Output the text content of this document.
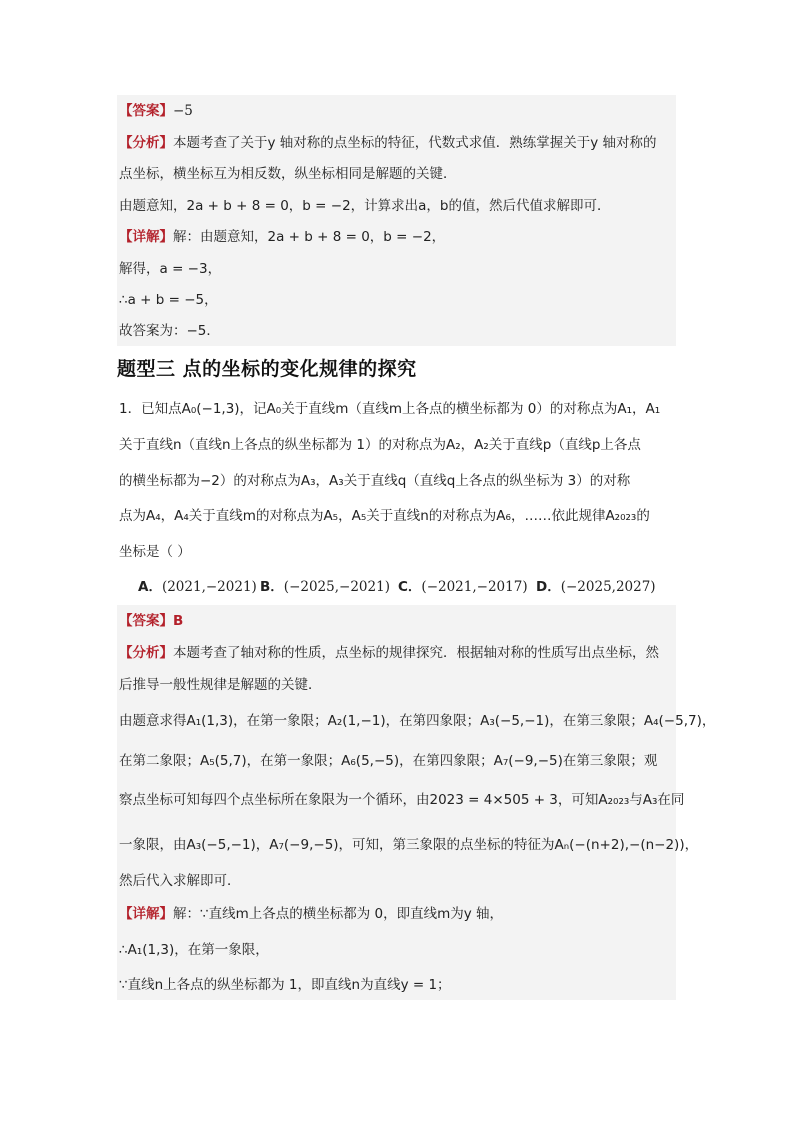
【答案】−5
【分析】本题考查了关于y 轴对称的点坐标的特征，代数式求值．熟练掌握关于y 轴对称的
点坐标，横坐标互为相反数，纵坐标相同是解题的关键．
由题意知，2a + b + 8 = 0，b = −2，计算求出a，b的值，然后代值求解即可．
【详解】解：由题意知，2a + b + 8 = 0，b = −2，
解得，a = −3，
∴a + b = −5，
故答案为：−5．
题型三 点的坐标的变化规律的探究
1．已知点A₀(−1,3)，记A₀关于直线m（直线m上各点的横坐标都为 0）的对称点为A₁，A₁
关于直线n（直线n上各点的纵坐标都为 1）的对称点为A₂，A₂关于直线p（直线p上各点
的横坐标都为−2）的对称点为A₃，A₃关于直线q（直线q上各点的纵坐标为 3）的对称
点为A₄，A₄关于直线m的对称点为A₅，A₅关于直线n的对称点为A₆，……依此规律A₂₀₂₃的
坐标是（ ）
A．(2021,−2021) B．(−2025,−2021) C．(−2021,−2017) D．(−2025,2027)
【答案】B
【分析】本题考查了轴对称的性质，点坐标的规律探究．根据轴对称的性质写出点坐标，然
后推导一般性规律是解题的关键．
由题意求得A₁(1,3)，在第一象限；A₂(1,−1)，在第四象限；A₃(−5,−1)，在第三象限；A₄(−5,7)，
在第二象限；A₅(5,7)，在第一象限；A₆(5,−5)，在第四象限；A₇(−9,−5)在第三象限；观
察点坐标可知每四个点坐标所在象限为一个循环，由2023 = 4×505 + 3，可知A₂₀₂₃与A₃在同
一象限，由A₃(−5,−1)，A₇(−9,−5)，可知，第三象限的点坐标的特征为Aₙ(−(n+2),−(n−2))，
然后代入求解即可．
【详解】解：∵直线m上各点的横坐标都为 0，即直线m为y 轴，
∴A₁(1,3)，在第一象限，
∵直线n上各点的纵坐标都为 1，即直线n为直线y = 1；
